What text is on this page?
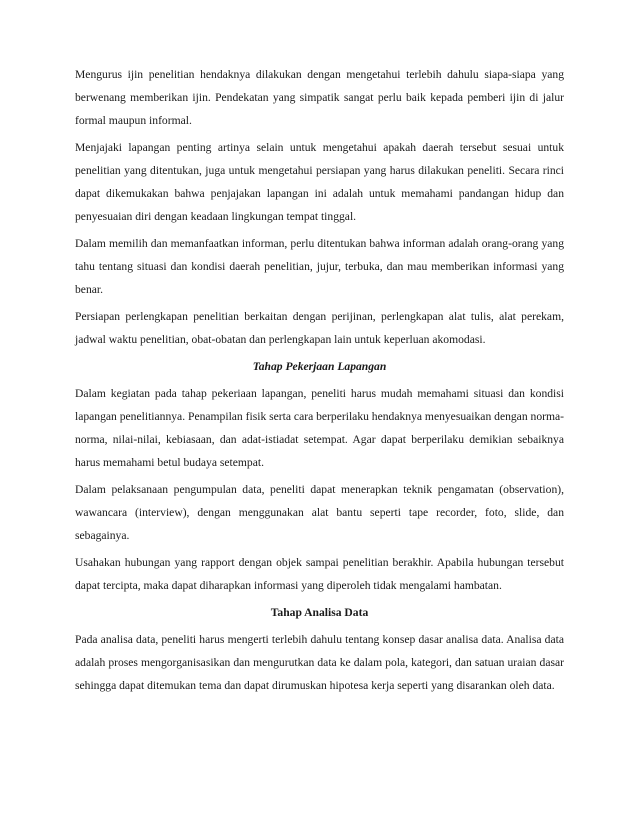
Mengurus ijin penelitian hendaknya dilakukan dengan mengetahui terlebih dahulu siapa-siapa yang berwenang memberikan ijin. Pendekatan yang simpatik sangat perlu baik kepada pemberi ijin di jalur formal maupun informal.

Menjajaki lapangan penting artinya selain untuk mengetahui apakah daerah tersebut sesuai untuk penelitian yang ditentukan, juga untuk mengetahui persiapan yang harus dilakukan peneliti. Secara rinci dapat dikemukakan bahwa penjajakan lapangan ini adalah untuk memahami pandangan hidup dan penyesuaian diri dengan keadaan lingkungan tempat tinggal.

Dalam memilih dan memanfaatkan informan, perlu ditentukan bahwa informan adalah orang-orang yang tahu tentang situasi dan kondisi daerah penelitian, jujur, terbuka, dan mau memberikan informasi yang benar.

Persiapan perlengkapan penelitian berkaitan dengan perijinan, perlengkapan alat tulis, alat perekam, jadwal waktu penelitian, obat-obatan dan perlengkapan lain untuk keperluan akomodasi.

Tahap Pekerjaan Lapangan

Dalam kegiatan pada tahap pekeriaan lapangan, peneliti harus mudah memahami situasi dan kondisi lapangan penelitiannya. Penampilan fisik serta cara berperilaku hendaknya menyesuaikan dengan norma-norma, nilai-nilai, kebiasaan, dan adat-istiadat setempat. Agar dapat berperilaku demikian sebaiknya harus memahami betul budaya setempat.

Dalam pelaksanaan pengumpulan data, peneliti dapat menerapkan teknik pengamatan (observation), wawancara (interview), dengan menggunakan alat bantu seperti tape recorder, foto, slide, dan sebagainya.

Usahakan hubungan yang rapport dengan objek sampai penelitian berakhir. Apabila hubungan tersebut dapat tercipta, maka dapat diharapkan informasi yang diperoleh tidak mengalami hambatan.

Tahap Analisa Data

Pada analisa data, peneliti harus mengerti terlebih dahulu tentang konsep dasar analisa data. Analisa data adalah proses mengorganisasikan dan mengurutkan data ke dalam pola, kategori, dan satuan uraian dasar sehingga dapat ditemukan tema dan dapat dirumuskan hipotesa kerja seperti yang disarankan oleh data.
